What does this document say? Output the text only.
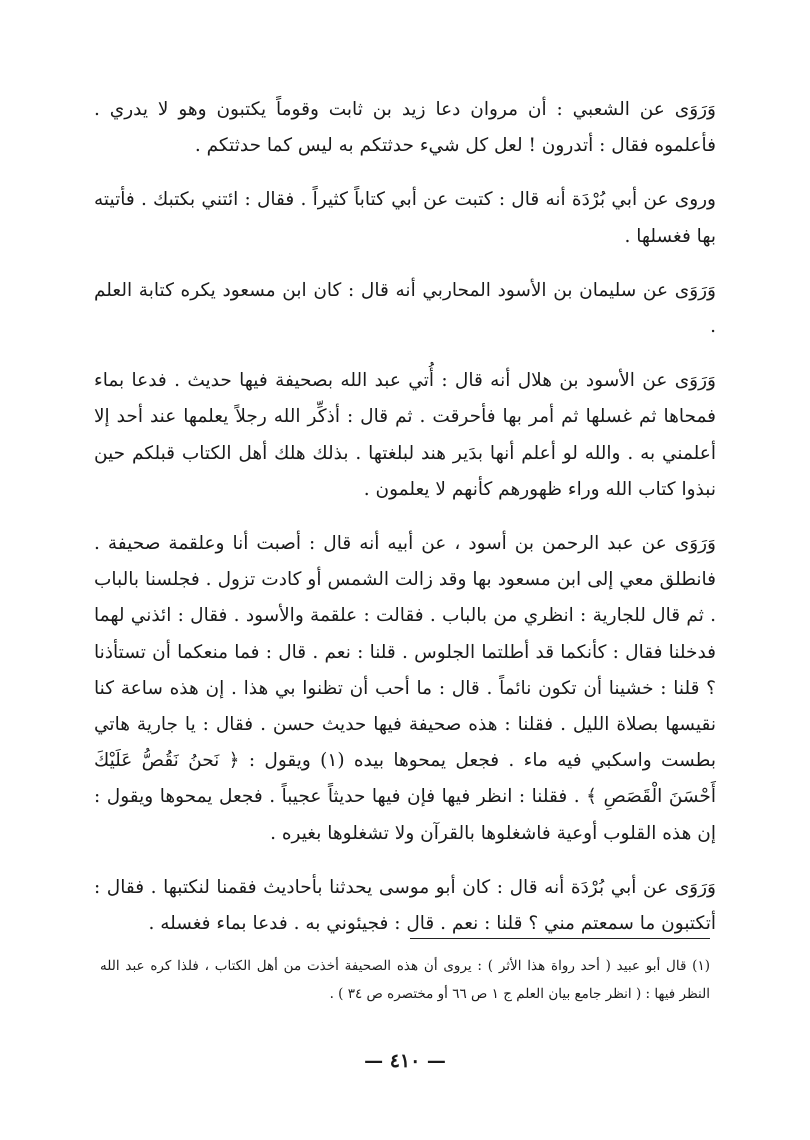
وَرَوَى عن الشعبي : أن مروان دعا زيد بن ثابت وقوماً يكتبون وهو لا يدري . فأعلموه فقال : أتدرون ! لعل كل شيء حدثتكم به ليس كما حدثتكم .

وروى عن أبي بُرْدَة أنه قال : كتبت عن أبي كتاباً كثيراً . فقال : ائتني بكتبك . فأتيته بها فغسلها .

وَرَوَى عن سليمان بن الأسود المحاربي أنه قال : كان ابن مسعود يكره كتابة العلم .

وَرَوَى عن الأسود بن هلال أنه قال : أُتي عبد الله بصحيفة فيها حديث . فدعا بماء فمحاها ثم غسلها ثم أمر بها فأحرقت . ثم قال : أذكِّر الله رجلاً يعلمها عند أحد إلا أعلمني به . والله لو أعلم أنها بدَير هند لبلغتها . بذلك هلك أهل الكتاب قبلكم حين نبذوا كتاب الله وراء ظهورهم كأنهم لا يعلمون .

وَرَوَى عن عبد الرحمن بن أسود ، عن أبيه أنه قال : أصبت أنا وعلقمة صحيفة . فانطلق معي إلى ابن مسعود بها وقد زالت الشمس أو كادت تزول . فجلسنا بالباب . ثم قال للجارية : انظري من بالباب . فقالت : علقمة والأسود . فقال : ائذني لهما فدخلنا فقال : كأنكما قد أطلتما الجلوس . قلنا : نعم . قال : فما منعكما أن تستأذنا ؟ قلنا : خشينا أن تكون نائماً . قال : ما أحب أن تظنوا بي هذا . إن هذه ساعة كنا نقيسها بصلاة الليل . فقلنا : هذه صحيفة فيها حديث حسن . فقال : يا جارية هاتي بطست واسكبي فيه ماء . فجعل يمحوها بيده (١) ويقول : ﴿ نَحنُ نَقُصُّ عَلَيْكَ أَحْسَنَ الْقَصَصِ ﴾ . فقلنا : انظر فيها فإن فيها حديثاً عجيباً . فجعل يمحوها ويقول : إن هذه القلوب أوعية فاشغلوها بالقرآن ولا تشغلوها بغيره .

وَرَوَى عن أبي بُرْدَة أنه قال : كان أبو موسى يحدثنا بأحاديث فقمنا لنكتبها . فقال : أتكتبون ما سمعتم مني ؟ قلنا : نعم . قال : فجيئوني به . فدعا بماء فغسله .

(١) قال أبو عبيد ( أحد رواة هذا الأثر ) : يروى أن هذه الصحيفة أخذت من أهل الكتاب ، فلذا كره عبد الله النظر فيها : ( انظر جامع بيان العلم ج ١ ص ٦٦ أو مختصره ص ٣٤ ) .

— ٤١٠ —
